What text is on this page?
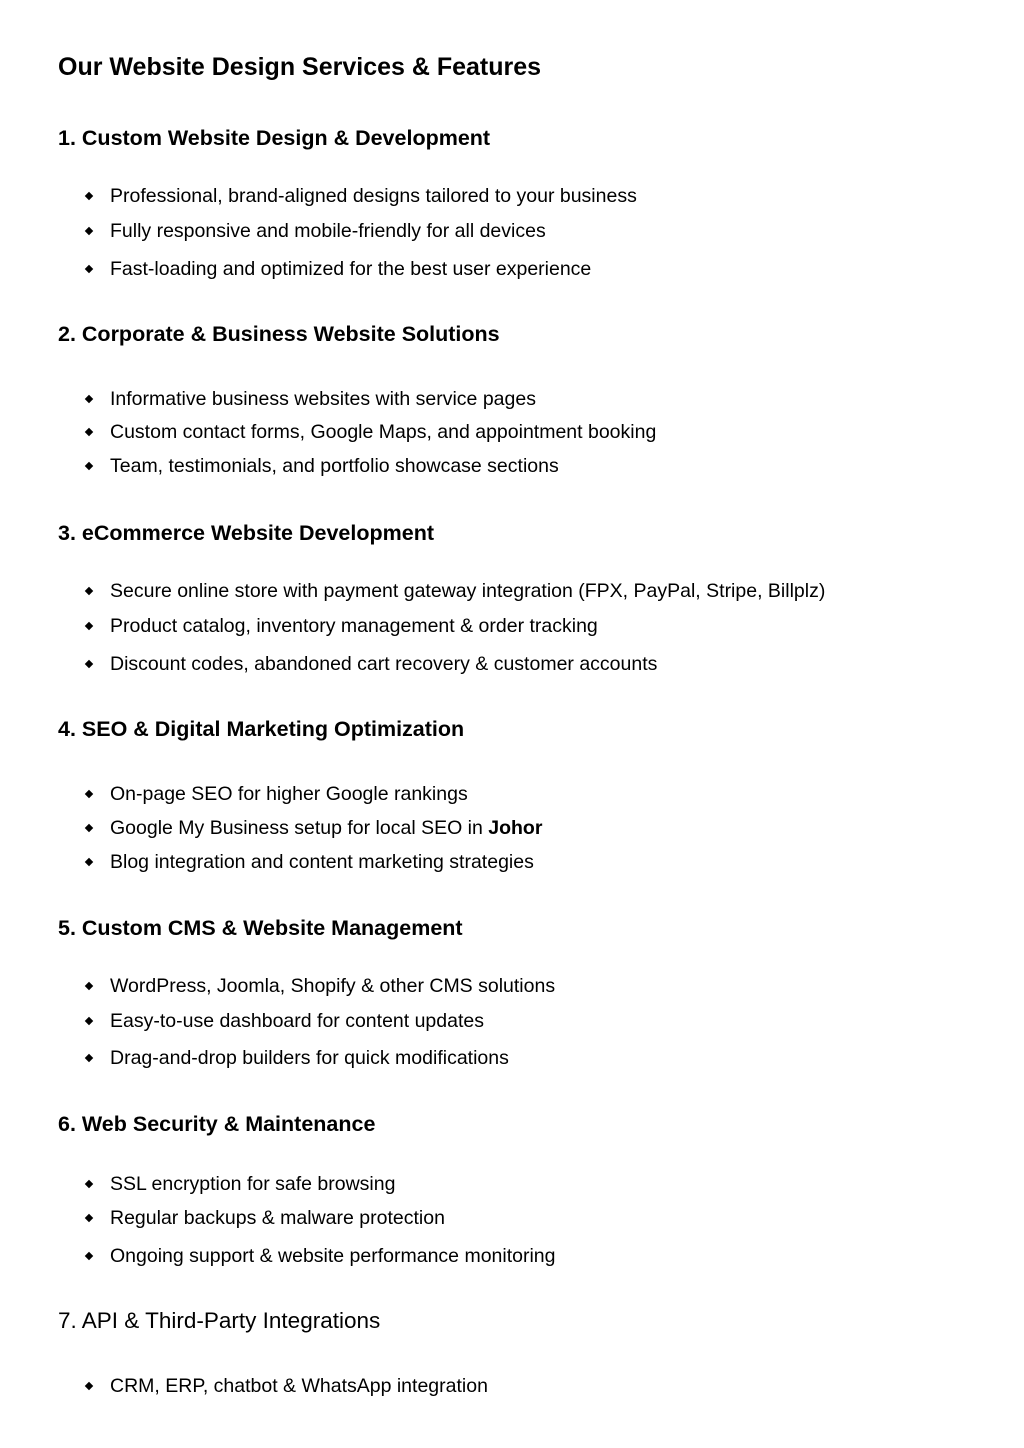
Our Website Design Services & Features
1. Custom Website Design & Development
Professional, brand-aligned designs tailored to your business
Fully responsive and mobile-friendly for all devices
Fast-loading and optimized for the best user experience
2. Corporate & Business Website Solutions
Informative business websites with service pages
Custom contact forms, Google Maps, and appointment booking
Team, testimonials, and portfolio showcase sections
3. eCommerce Website Development
Secure online store with payment gateway integration (FPX, PayPal, Stripe, Billplz)
Product catalog, inventory management & order tracking
Discount codes, abandoned cart recovery & customer accounts
4. SEO & Digital Marketing Optimization
On-page SEO for higher Google rankings
Google My Business setup for local SEO in Johor
Blog integration and content marketing strategies
5. Custom CMS & Website Management
WordPress, Joomla, Shopify & other CMS solutions
Easy-to-use dashboard for content updates
Drag-and-drop builders for quick modifications
6. Web Security & Maintenance
SSL encryption for safe browsing
Regular backups & malware protection
Ongoing support & website performance monitoring
7. API & Third-Party Integrations
CRM, ERP, chatbot & WhatsApp integration
